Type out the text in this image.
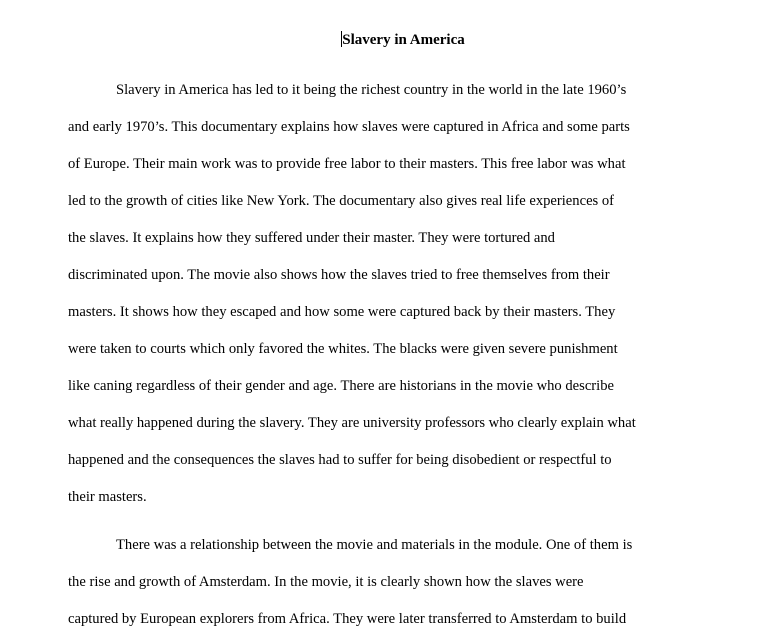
Slavery in America
Slavery in America has led to it being the richest country in the world in the late 1960’s
and early 1970’s. This documentary explains how slaves were captured in Africa and some parts
of Europe. Their main work was to provide free labor to their masters. This free labor was what
led to the growth of cities like New York. The documentary also gives real life experiences of
the slaves. It explains how they suffered under their master. They were tortured and
discriminated upon. The movie also shows how the slaves tried to free themselves from their
masters. It shows how they escaped and how some were captured back by their masters. They
were taken to courts which only favored the whites. The blacks were given severe punishment
like caning regardless of their gender and age. There are historians in the movie who describe
what really happened during the slavery. They are university professors who clearly explain what
happened and the consequences the slaves had to suffer for being disobedient or respectful to
their masters.
There was a relationship between the movie and materials in the module. One of them is
the rise and growth of Amsterdam. In the movie, it is clearly shown how the slaves were
captured by European explorers from Africa. They were later transferred to Amsterdam to build
